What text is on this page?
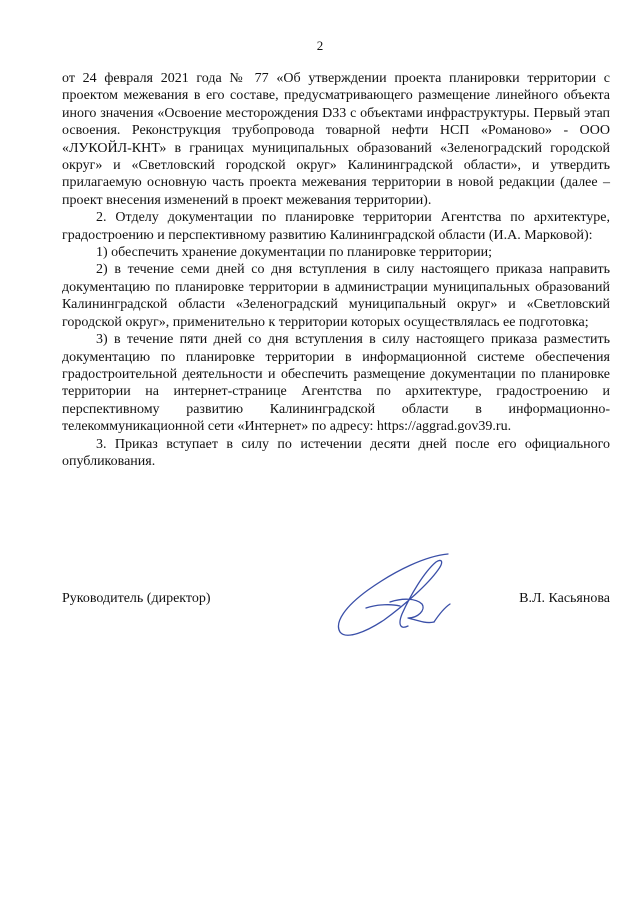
2

от 24 февраля 2021 года № 77 «Об утверждении проекта планировки территории с проектом межевания в его составе, предусматривающего размещение линейного объекта иного значения «Освоение месторождения D33 с объектами инфраструктуры. Первый этап освоения. Реконструкция трубопровода товарной нефти НСП «Романово» - ООО «ЛУКОЙЛ-КНТ» в границах муниципальных образований «Зеленоградский городской округ» и «Светловский городской округ» Калининградской области», и утвердить прилагаемую основную часть проекта межевания территории в новой редакции (далее – проект внесения изменений в проект межевания территории).

2. Отделу документации по планировке территории Агентства по архитектуре, градостроению и перспективному развитию Калининградской области (И.А. Марковой):

1) обеспечить хранение документации по планировке территории;

2) в течение семи дней со дня вступления в силу настоящего приказа направить документацию по планировке территории в администрации муниципальных образований Калининградской области «Зеленоградский муниципальный округ» и «Светловский городской округ», применительно к территории которых осуществлялась ее подготовка;

3) в течение пяти дней со дня вступления в силу настоящего приказа разместить документацию по планировке территории в информационной системе обеспечения градостроительной деятельности и обеспечить размещение документации по планировке территории на интернет-странице Агентства по архитектуре, градостроению и перспективному развитию Калининградской области в информационно-телекоммуникационной сети «Интернет» по адресу: https://aggrad.gov39.ru.

3. Приказ вступает в силу по истечении десяти дней после его официального опубликования.

Руководитель (директор)	В.Л. Касьянова
